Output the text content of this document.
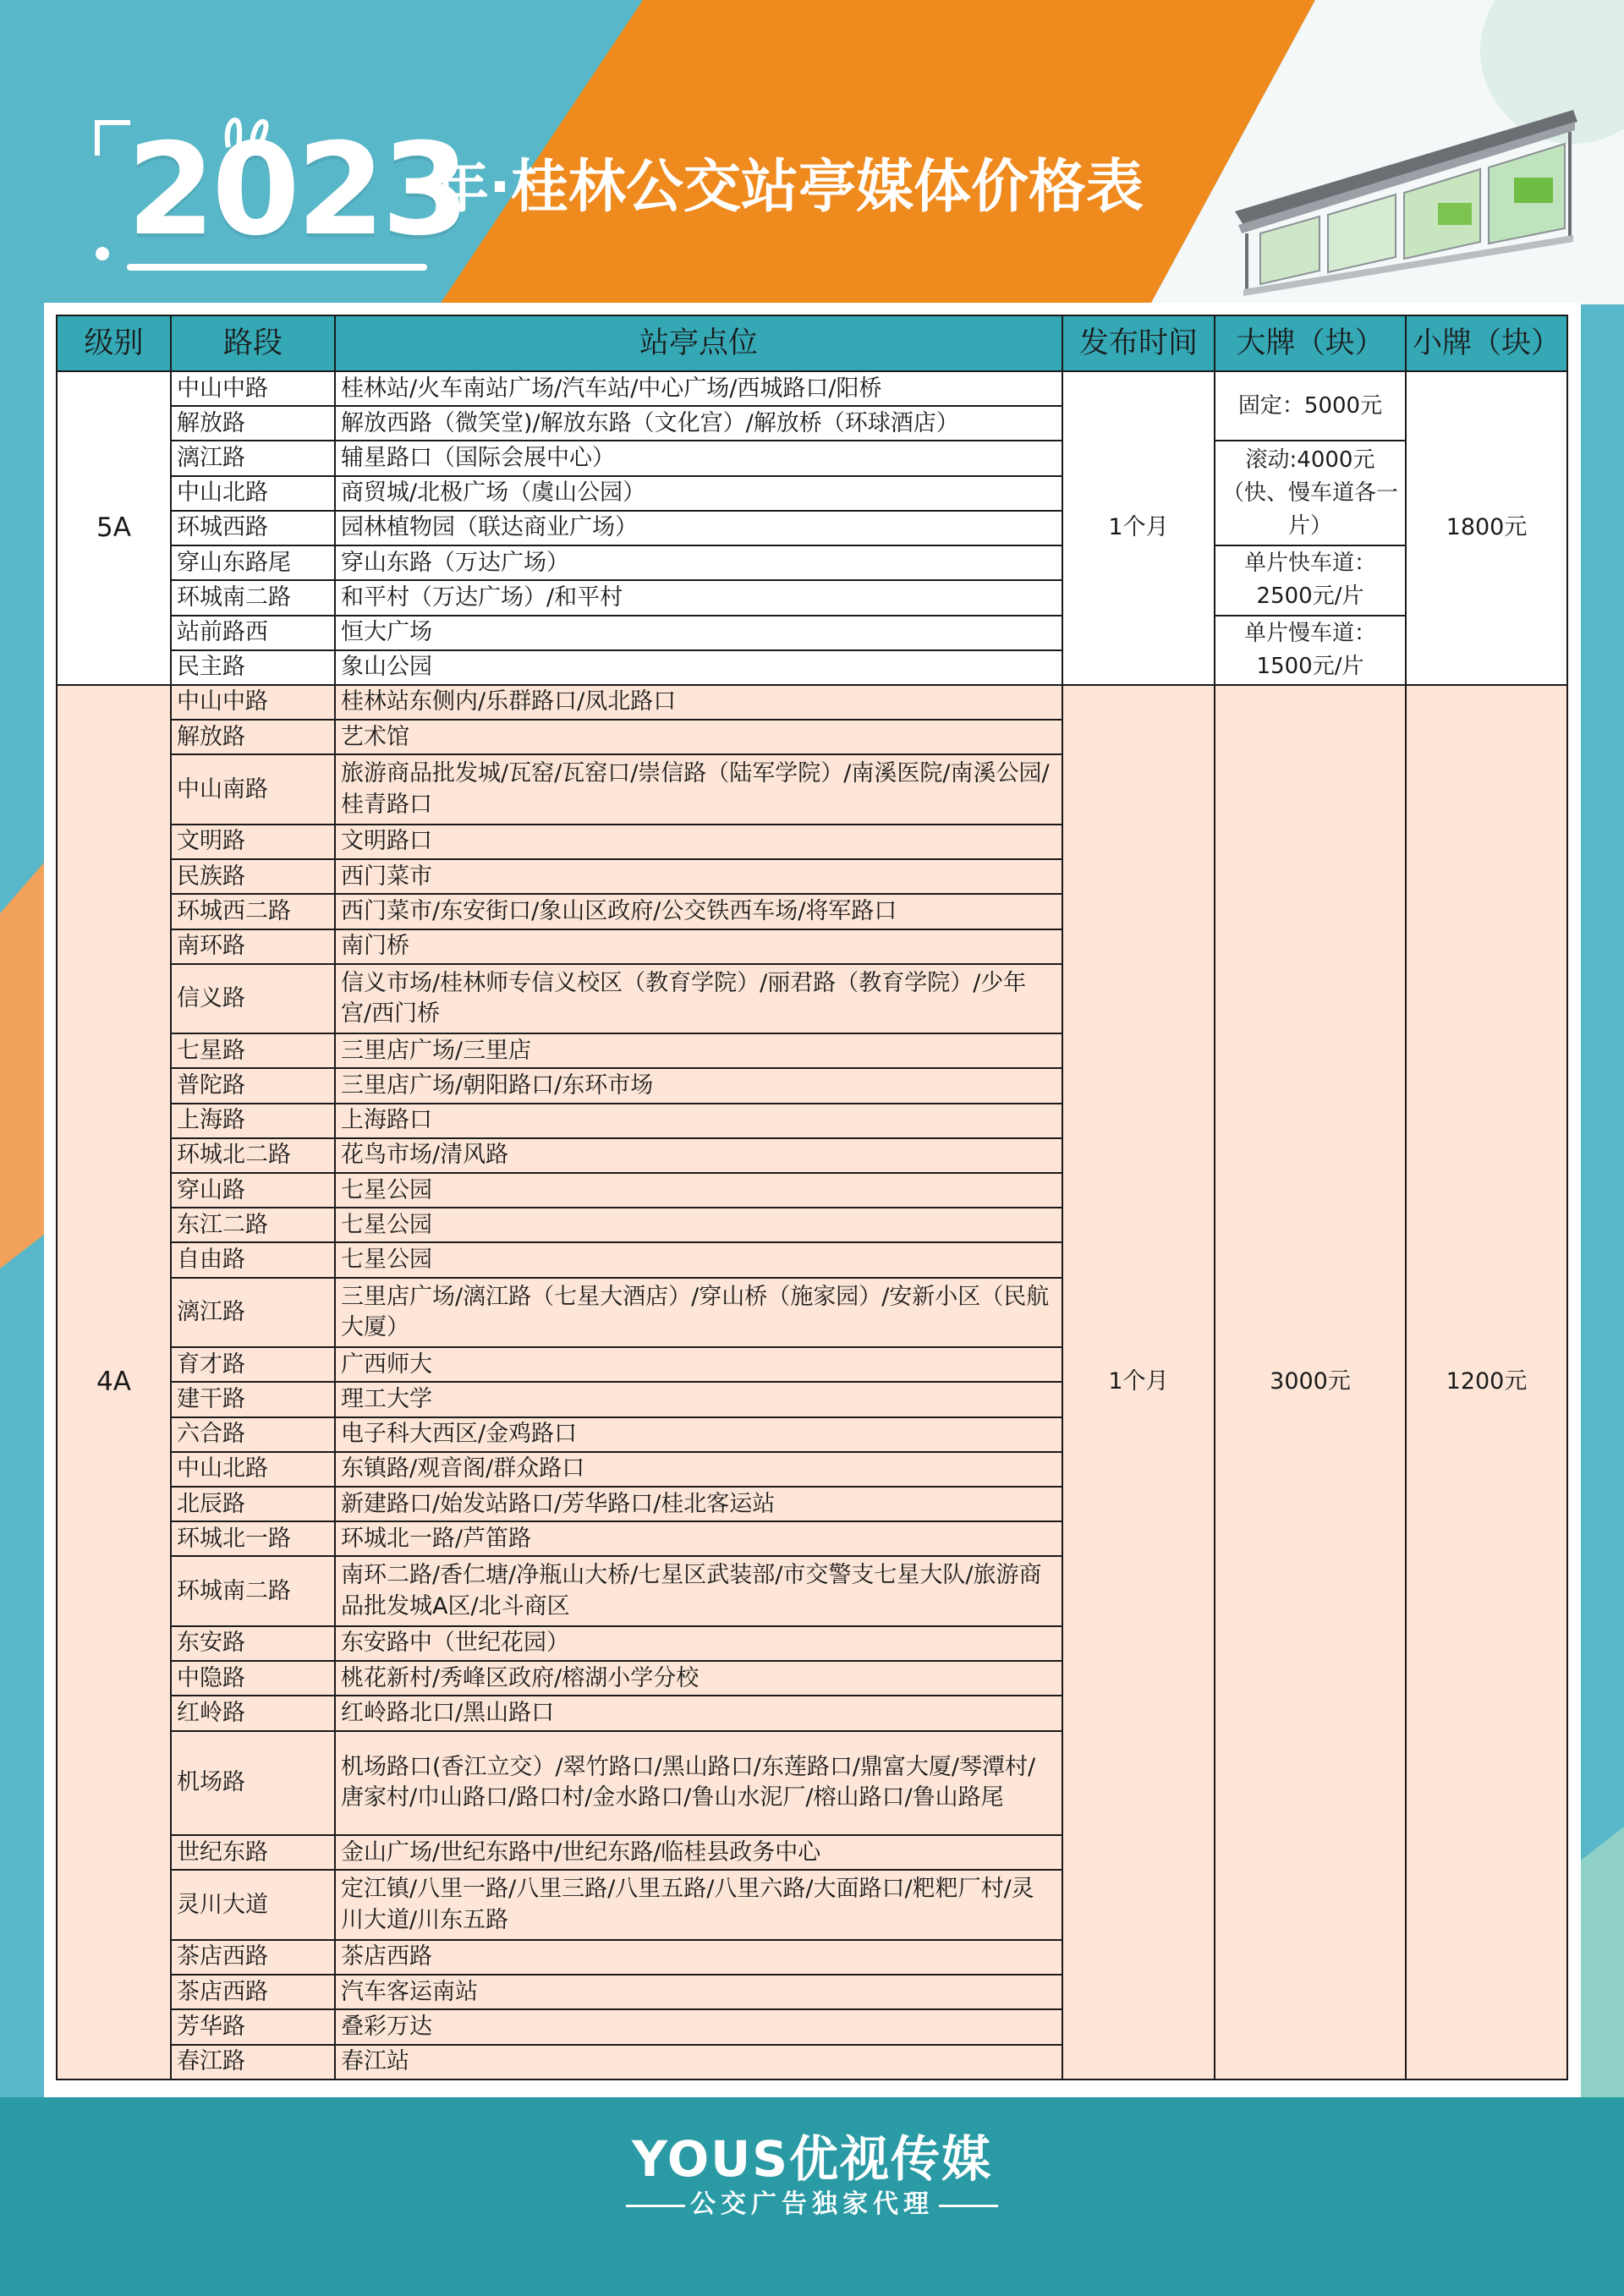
2023
年·桂林公交站亭媒体价格表
级别	路段	站亭点位	发布时间	大牌（块）	小牌（块）
5A	中山中路	桂林站/火车南站广场/汽车站/中心广场/西城路口/阳桥	1个月	固定：5000元	1800元
	解放路	解放西路（微笑堂)/解放东路（文化宫）/解放桥（环球酒店）			
	漓江路	辅星路口（国际会展中心）		滚动:4000元（快、慢车道各一片）	
	中山北路	商贸城/北极广场（虞山公园）			
	环城西路	园林植物园（联达商业广场）			
	穿山东路尾	穿山东路（万达广场）		单片快车道：2500元/片	
	环城南二路	和平村（万达广场）/和平村			
	站前路西	恒大广场		单片慢车道：1500元/片	
	民主路	象山公园			
4A	中山中路	桂林站东侧内/乐群路口/凤北路口	1个月	3000元	1200元
	解放路	艺术馆			
	中山南路	旅游商品批发城/瓦窑/瓦窑口/崇信路（陆军学院）/南溪医院/南溪公园/桂青路口			
	文明路	文明路口			
	民族路	西门菜市			
	环城西二路	西门菜市/东安街口/象山区政府/公交铁西车场/将军路口			
	南环路	南门桥			
	信义路	信义市场/桂林师专信义校区（教育学院）/丽君路（教育学院）/少年宫/西门桥			
	七星路	三里店广场/三里店			
	普陀路	三里店广场/朝阳路口/东环市场			
	上海路	上海路口			
	环城北二路	花鸟市场/清风路			
	穿山路	七星公园			
	东江二路	七星公园			
	自由路	七星公园			
	漓江路	三里店广场/漓江路（七星大酒店）/穿山桥（施家园）/安新小区（民航大厦）			
	育才路	广西师大			
	建干路	理工大学			
	六合路	电子科大西区/金鸡路口			
	中山北路	东镇路/观音阁/群众路口			
	北辰路	新建路口/始发站路口/芳华路口/桂北客运站			
	环城北一路	环城北一路/芦笛路			
	环城南二路	南环二路/香仁塘/净瓶山大桥/七星区武装部/市交警支七星大队/旅游商品批发城A区/北斗商区			
	东安路	东安路中（世纪花园）			
	中隐路	桃花新村/秀峰区政府/榕湖小学分校			
	红岭路	红岭路北口/黑山路口			
	机场路	机场路口(香江立交）/翠竹路口/黑山路口/东莲路口/鼎富大厦/琴潭村/唐家村/巾山路口/路口村/金水路口/鲁山水泥厂/榕山路口/鲁山路尾			
	世纪东路	金山广场/世纪东路中/世纪东路/临桂县政务中心			
	灵川大道	定江镇/八里一路/八里三路/八里五路/八里六路/大面路口/粑粑厂村/灵川大道/川东五路			
	茶店西路	茶店西路			
	茶店西路	汽车客运南站			
	芳华路	叠彩万达			
	春江路	春江站			
YOUS优视传媒
公交广告独家代理
